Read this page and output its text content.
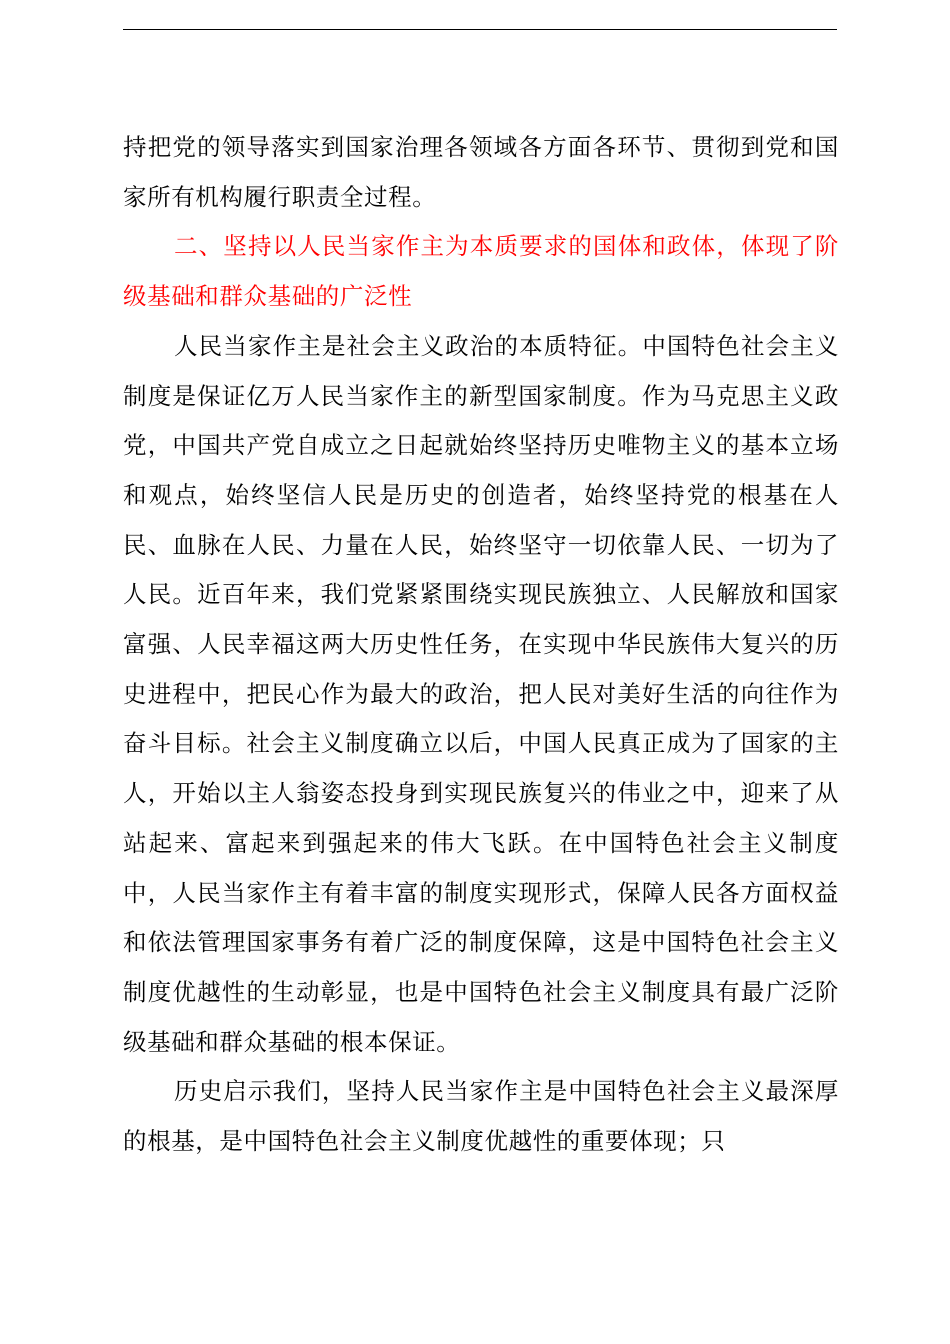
持把党的领导落实到国家治理各领域各方面各环节、贯彻到党和国家所有机构履行职责全过程。

二、坚持以人民当家作主为本质要求的国体和政体，体现了阶级基础和群众基础的广泛性

人民当家作主是社会主义政治的本质特征。中国特色社会主义制度是保证亿万人民当家作主的新型国家制度。作为马克思主义政党，中国共产党自成立之日起就始终坚持历史唯物主义的基本立场和观点，始终坚信人民是历史的创造者，始终坚持党的根基在人民、血脉在人民、力量在人民，始终坚守一切依靠人民、一切为了人民。近百年来，我们党紧紧围绕实现民族独立、人民解放和国家富强、人民幸福这两大历史性任务，在实现中华民族伟大复兴的历史进程中，把民心作为最大的政治，把人民对美好生活的向往作为奋斗目标。社会主义制度确立以后，中国人民真正成为了国家的主人，开始以主人翁姿态投身到实现民族复兴的伟业之中，迎来了从站起来、富起来到强起来的伟大飞跃。在中国特色社会主义制度中，人民当家作主有着丰富的制度实现形式，保障人民各方面权益和依法管理国家事务有着广泛的制度保障，这是中国特色社会主义制度优越性的生动彰显，也是中国特色社会主义制度具有最广泛阶级基础和群众基础的根本保证。

历史启示我们，坚持人民当家作主是中国特色社会主义最深厚的根基，是中国特色社会主义制度优越性的重要体现；只
